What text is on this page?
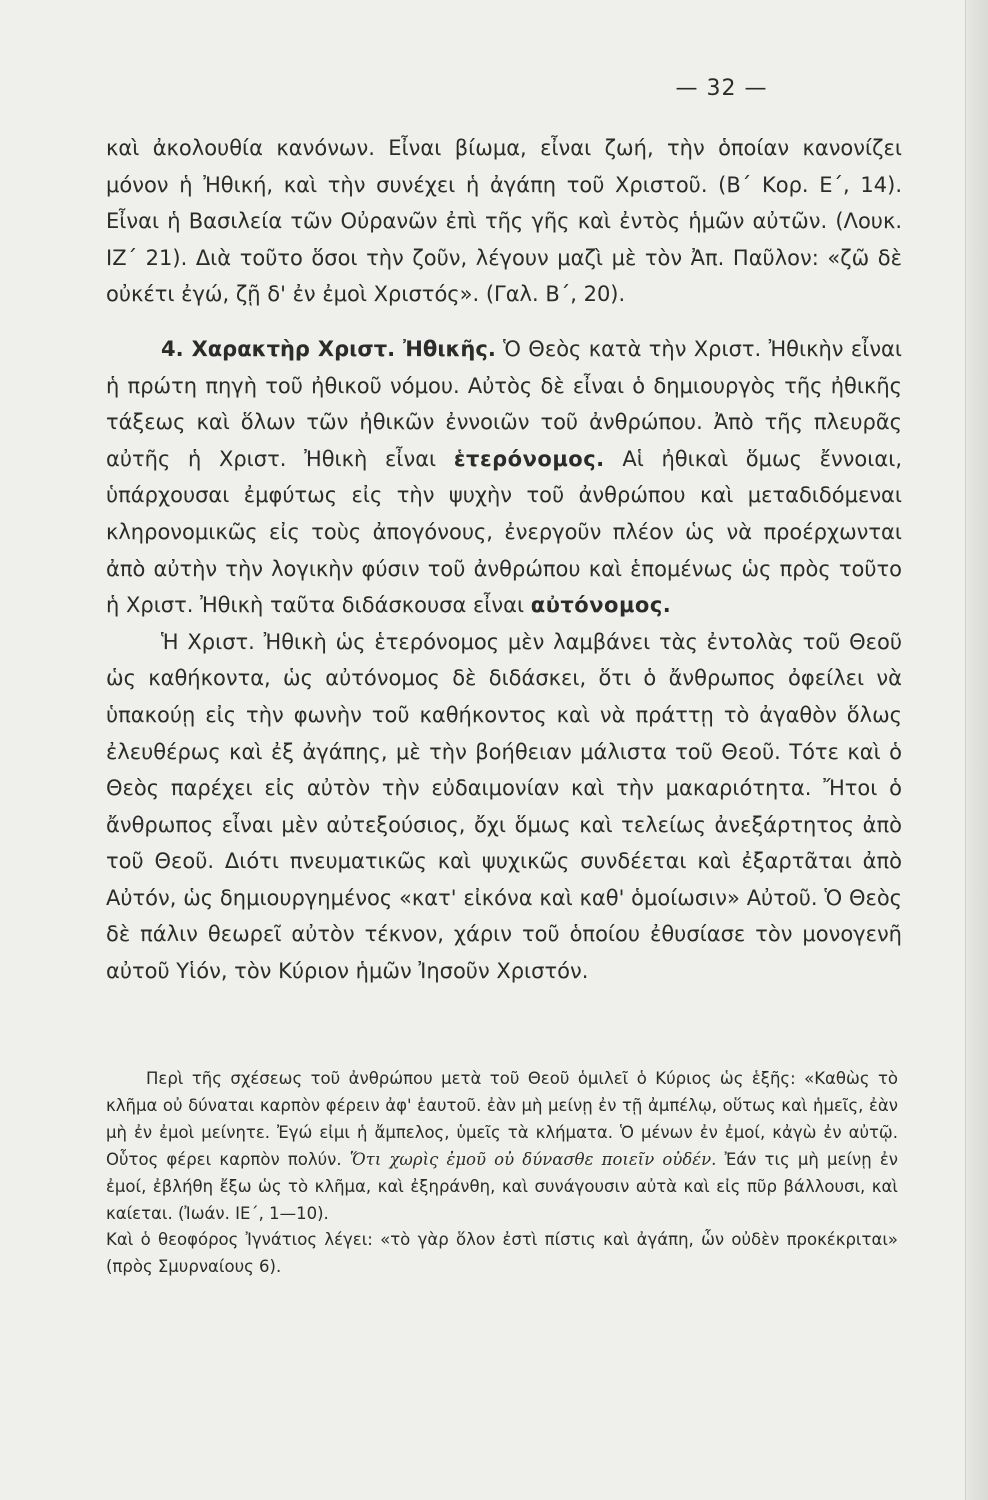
— 32 —

καὶ ἀκολουθία κανόνων. Εἶναι βίωμα, εἶναι ζωή, τὴν ὁποίαν κανονίζει μόνον ἡ Ἠθική, καὶ τὴν συνέχει ἡ ἀγάπη τοῦ Χριστοῦ. (Β΄ Κορ. Ε΄, 14). Εἶναι ἡ Βασιλεία τῶν Οὐρανῶν ἐπὶ τῆς γῆς καὶ ἐντὸς ἡμῶν αὐτῶν. (Λουκ. ΙΖ΄ 21). Διὰ τοῦτο ὅσοι τὴν ζοῦν, λέγουν μαζὶ μὲ τὸν Ἀπ. Παῦλον: «ζῶ δὲ οὐκέτι ἐγώ, ζῇ δ' ἐν ἐμοὶ Χριστός». (Γαλ. Β΄, 20).

4. Χαρακτὴρ Χριστ. Ἠθικῆς. Ὁ Θεὸς κατὰ τὴν Χριστ. Ἠθικὴν εἶναι ἡ πρώτη πηγὴ τοῦ ἠθικοῦ νόμου. Αὐτὸς δὲ εἶναι ὁ δημιουργὸς τῆς ἠθικῆς τάξεως καὶ ὅλων τῶν ἠθικῶν ἐννοιῶν τοῦ ἀνθρώπου. Ἀπὸ τῆς πλευρᾶς αὐτῆς ἡ Χριστ. Ἠθικὴ εἶναι ἑτερόνομος. Αἱ ἠθικαὶ ὅμως ἔννοιαι, ὑπάρχουσαι ἐμφύτως εἰς τὴν ψυχὴν τοῦ ἀνθρώπου καὶ μεταδιδόμεναι κληρονομικῶς εἰς τοὺς ἀπογόνους, ἐνεργοῦν πλέον ὡς νὰ προέρχωνται ἀπὸ αὐτὴν τὴν λογικὴν φύσιν τοῦ ἀνθρώπου καὶ ἑπομένως ὡς πρὸς τοῦτο ἡ Χριστ. Ἠθικὴ ταῦτα διδάσκουσα εἶναι αὐτόνομος.

Ἡ Χριστ. Ἠθικὴ ὡς ἑτερόνομος μὲν λαμβάνει τὰς ἐντολὰς τοῦ Θεοῦ ὡς καθήκοντα, ὡς αὐτόνομος δὲ διδάσκει, ὅτι ὁ ἄνθρωπος ὀφείλει νὰ ὑπακούῃ εἰς τὴν φωνὴν τοῦ καθήκοντος καὶ νὰ πράττῃ τὸ ἀγαθὸν ὅλως ἐλευθέρως καὶ ἐξ ἀγάπης, μὲ τὴν βοήθειαν μάλιστα τοῦ Θεοῦ. Τότε καὶ ὁ Θεὸς παρέχει εἰς αὐτὸν τὴν εὐδαιμονίαν καὶ τὴν μακαριότητα. Ἤτοι ὁ ἄνθρωπος εἶναι μὲν αὐτεξούσιος, ὄχι ὅμως καὶ τελείως ἀνεξάρτητος ἀπὸ τοῦ Θεοῦ. Διότι πνευματικῶς καὶ ψυχικῶς συνδέεται καὶ ἐξαρτᾶται ἀπὸ Αὐτόν, ὡς δημιουργημένος «κατ' εἰκόνα καὶ καθ' ὁμοίωσιν» Αὐτοῦ. Ὁ Θεὸς δὲ πάλιν θεωρεῖ αὐτὸν τέκνον, χάριν τοῦ ὁποίου ἐθυσίασε τὸν μονογενῆ αὐτοῦ Υἱόν, τὸν Κύριον ἡμῶν Ἰησοῦν Χριστόν.

Περὶ τῆς σχέσεως τοῦ ἀνθρώπου μετὰ τοῦ Θεοῦ ὁμιλεῖ ὁ Κύριος ὡς ἑξῆς: «Καθὼς τὸ κλῆμα οὐ δύναται καρπὸν φέρειν ἀφ' ἑαυτοῦ. ἐὰν μὴ μείνῃ ἐν τῇ ἀμπέλῳ, οὕτως καὶ ἡμεῖς, ἐὰν μὴ ἐν ἐμοὶ μείνητε. Ἐγώ εἰμι ἡ ἄμπελος, ὑμεῖς τὰ κλήματα. Ὁ μένων ἐν ἐμοί, κἀγὼ ἐν αὐτῷ. Οὗτος φέρει καρπὸν πολύν. Ὅτι χωρὶς ἐμοῦ οὐ δύνασθε ποιεῖν οὐδέν. Ἐάν τις μὴ μείνῃ ἐν ἐμοί, ἐβλήθη ἔξω ὡς τὸ κλῆμα, καὶ ἐξηράνθη, καὶ συνάγουσιν αὐτὰ καὶ εἰς πῦρ βάλλουσι, καὶ καίεται. (Ἰωάν. ΙΕ΄, 1—10).

Καὶ ὁ θεοφόρος Ἰγνάτιος λέγει: «τὸ γὰρ ὅλον ἐστὶ πίστις καὶ ἀγάπη, ὧν οὐδὲν προκέκριται» (πρὸς Σμυρναίους 6).
